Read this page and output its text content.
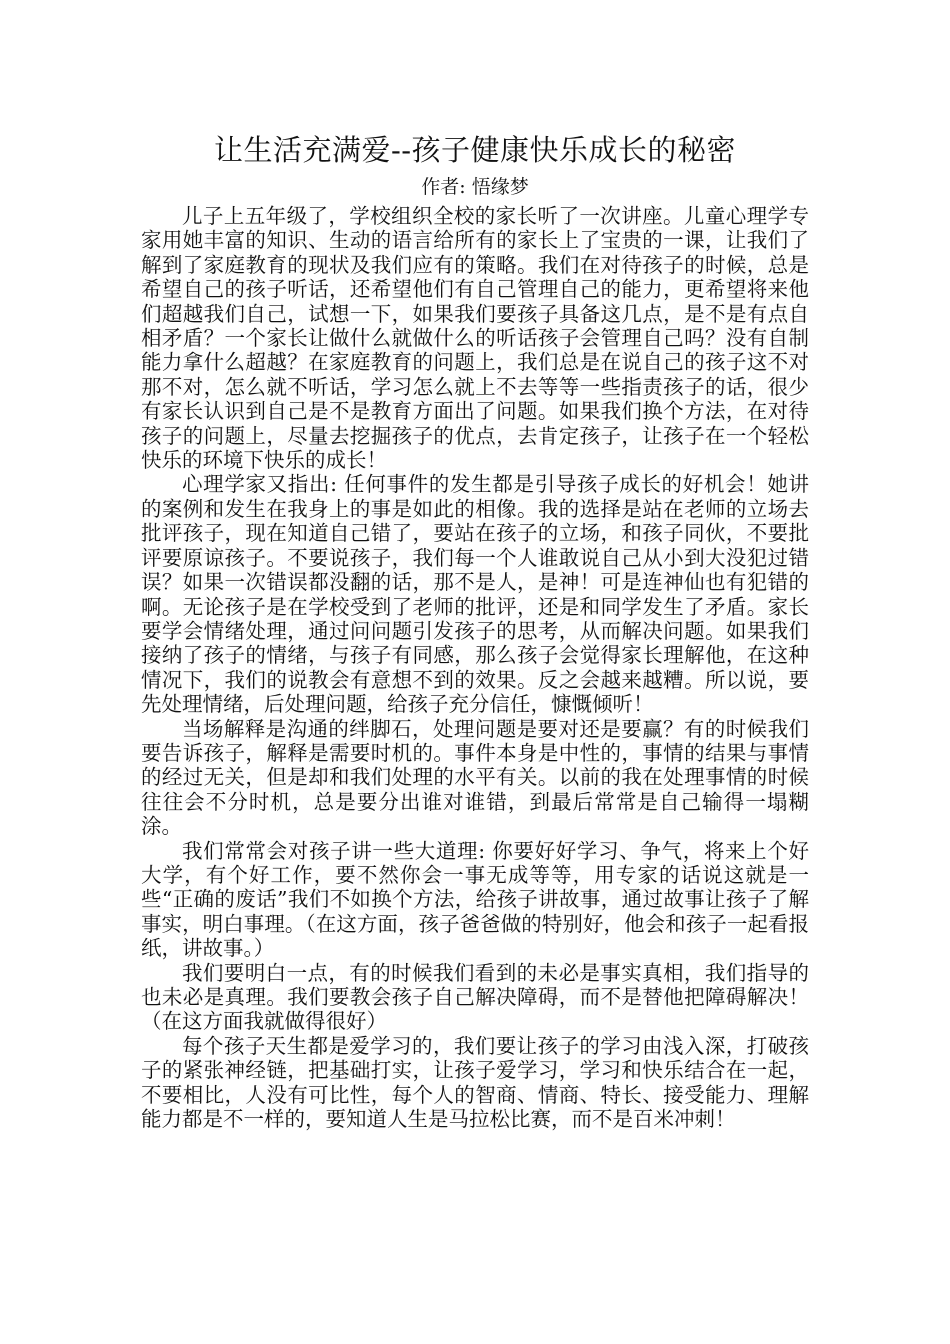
让生活充满爱--孩子健康快乐成长的秘密
作者: 悟缘梦

儿子上五年级了，学校组织全校的家长听了一次讲座。儿童心理学专家用她丰富的知识、生动的语言给所有的家长上了宝贵的一课，让我们了解到了家庭教育的现状及我们应有的策略。我们在对待孩子的时候，总是希望自己的孩子听话，还希望他们有自己管理自己的能力，更希望将来他们超越我们自己，试想一下，如果我们要孩子具备这几点，是不是有点自相矛盾？一个家长让做什么就做什么的听话孩子会管理自己吗？没有自制能力拿什么超越？在家庭教育的问题上，我们总是在说自己的孩子这不对那不对，怎么就不听话，学习怎么就上不去等等一些指责孩子的话，很少有家长认识到自己是不是教育方面出了问题。如果我们换个方法，在对待孩子的问题上，尽量去挖掘孩子的优点，去肯定孩子，让孩子在一个轻松快乐的环境下快乐的成长！

心理学家又指出: 任何事件的发生都是引导孩子成长的好机会！她讲的案例和发生在我身上的事是如此的相像。我的选择是站在老师的立场去批评孩子，现在知道自己错了，要站在孩子的立场，和孩子同伙，不要批评要原谅孩子。不要说孩子，我们每一个人谁敢说自己从小到大没犯过错误？如果一次错误都没翻的话，那不是人，是神！可是连神仙也有犯错的啊。无论孩子是在学校受到了老师的批评，还是和同学发生了矛盾。家长要学会情绪处理，通过问问题引发孩子的思考，从而解决问题。如果我们接纳了孩子的情绪，与孩子有同感，那么孩子会觉得家长理解他，在这种情况下，我们的说教会有意想不到的效果。反之会越来越糟。所以说，要先处理情绪，后处理问题，给孩子充分信任，慷慨倾听！

当场解释是沟通的绊脚石，处理问题是要对还是要赢？有的时候我们要告诉孩子，解释是需要时机的。事件本身是中性的，事情的结果与事情的经过无关，但是却和我们处理的水平有关。以前的我在处理事情的时候往往会不分时机，总是要分出谁对谁错，到最后常常是自己输得一塌糊涂。

我们常常会对孩子讲一些大道理: 你要好好学习、争气，将来上个好大学，有个好工作，要不然你会一事无成等等，用专家的话说这就是一些“正确的废话”我们不如换个方法，给孩子讲故事，通过故事让孩子了解事实，明白事理。（在这方面，孩子爸爸做的特别好，他会和孩子一起看报纸，讲故事。）

我们要明白一点，有的时候我们看到的未必是事实真相，我们指导的也未必是真理。我们要教会孩子自己解决障碍，而不是替他把障碍解决！（在这方面我就做得很好）

每个孩子天生都是爱学习的，我们要让孩子的学习由浅入深，打破孩子的紧张神经链，把基础打实，让孩子爱学习，学习和快乐结合在一起，不要相比，人没有可比性，每个人的智商、情商、特长、接受能力、理解能力都是不一样的，要知道人生是马拉松比赛，而不是百米冲刺！
